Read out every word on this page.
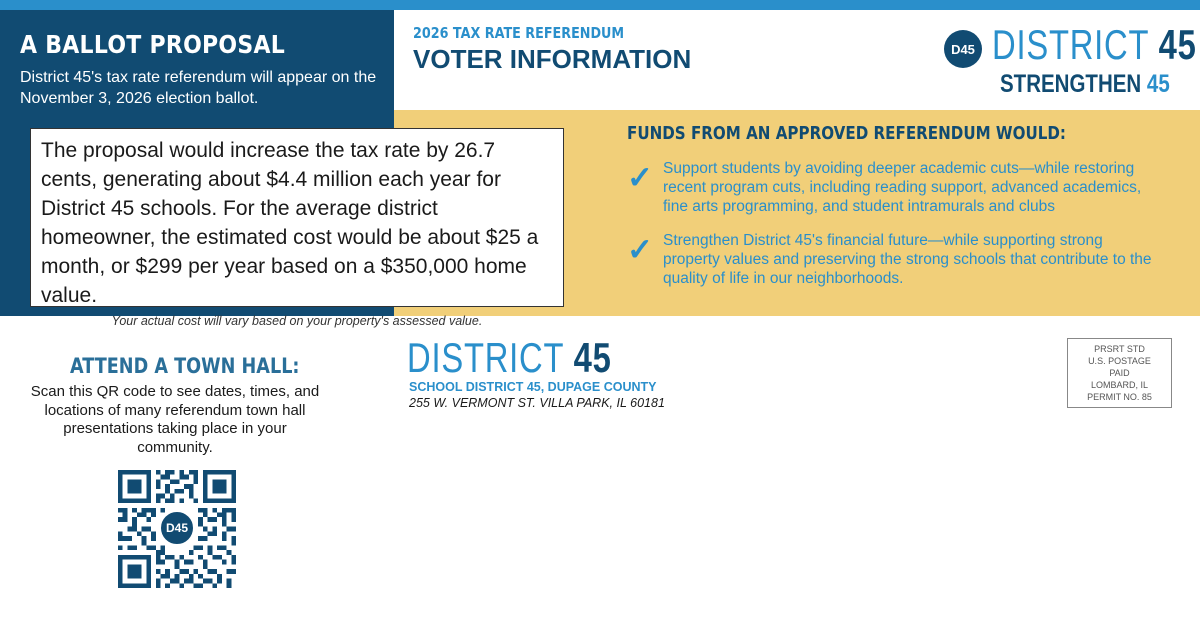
A BALLOT PROPOSAL
District 45's tax rate referendum will appear on the November 3, 2026 election ballot.
The proposal would increase the tax rate by 26.7 cents, generating about $4.4 million each year for District 45 schools. For the average district homeowner, the estimated cost would be about $25 a month, or $299 per year based on a $350,000 home value.
Your actual cost will vary based on your property's assessed value.
2026 TAX RATE REFERENDUM
VOTER INFORMATION	D45 DISTRICT 45
STRENGTHEN 45
FUNDS FROM AN APPROVED REFERENDUM WOULD:
✓ Support students by avoiding deeper academic cuts—while restoring recent program cuts, including reading support, advanced academics, fine arts programming, and student intramurals and clubs
✓ Strengthen District 45's financial future—while supporting strong property values and preserving the strong schools that contribute to the quality of life in our neighborhoods.
ATTEND A TOWN HALL:
Scan this QR code to see dates, times, and locations of many referendum town hall presentations taking place in your community.
D45
DISTRICT 45
SCHOOL DISTRICT 45, DUPAGE COUNTY
255 W. VERMONT ST. VILLA PARK, IL 60181
PRSRT STD
U.S. POSTAGE
PAID
LOMBARD, IL
PERMIT NO. 85
